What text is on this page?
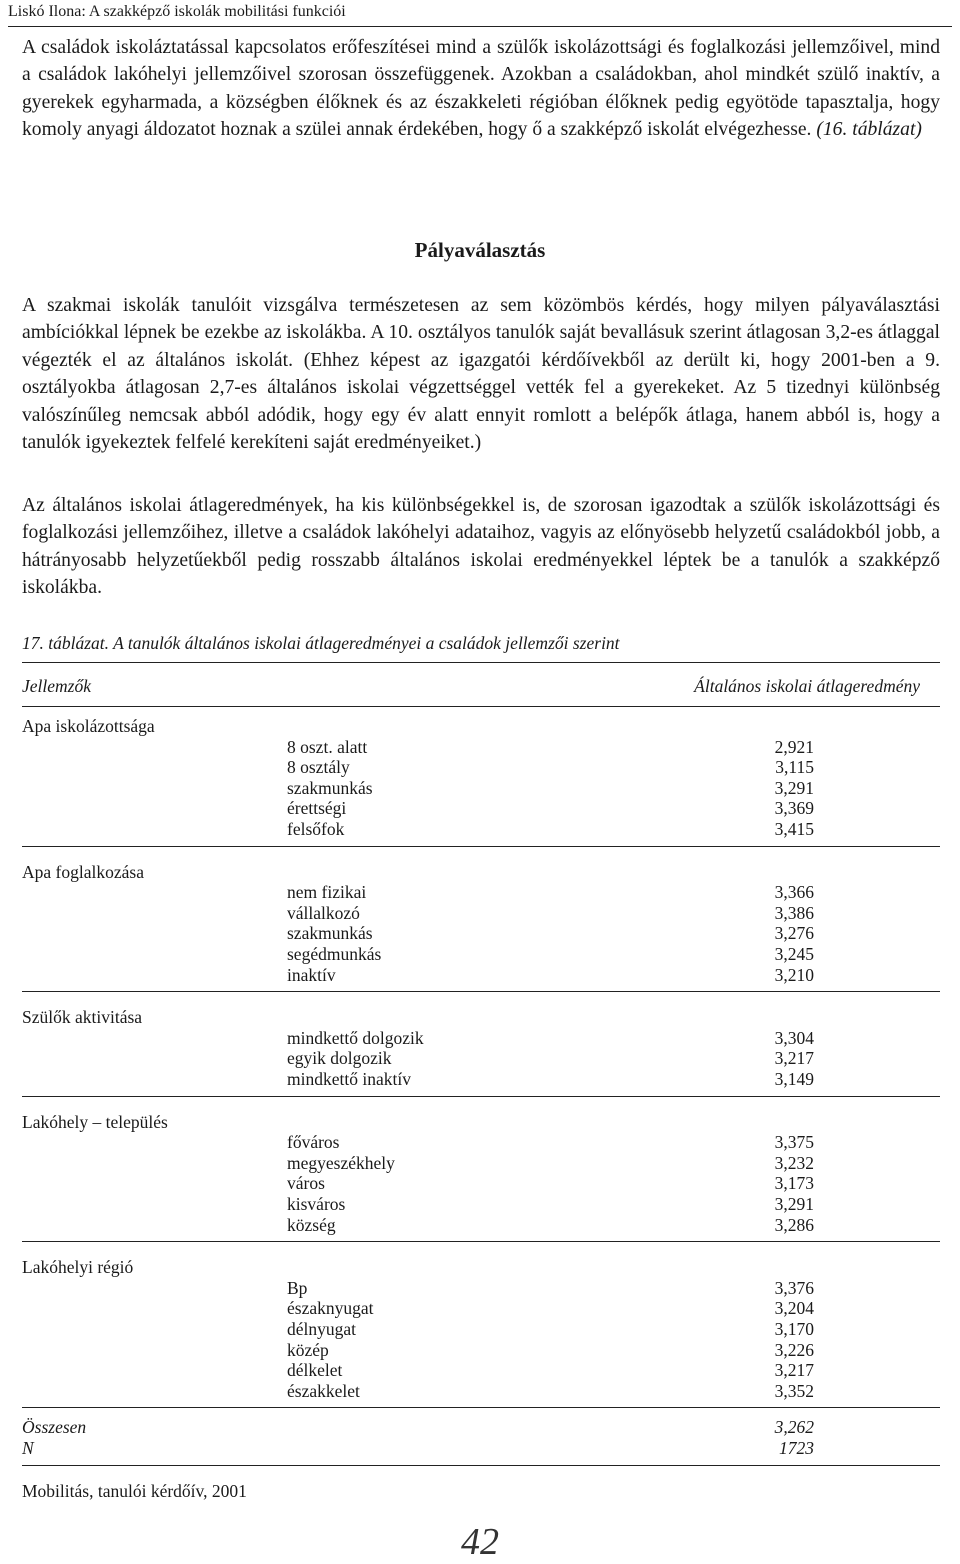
Liskó Ilona: A szakképző iskolák mobilitási funkciói

A családok iskoláztatással kapcsolatos erőfeszítései mind a szülők iskolázottsági és foglalkozási jellemzőivel, mind a családok lakóhelyi jellemzőivel szorosan összefüggenek. Azokban a családokban, ahol mindkét szülő inaktív, a gyerekek egyharmada, a községben élőknek és az északkeleti régióban élőknek pedig egyötöde tapasztalja, hogy komoly anyagi áldozatot hoznak a szülei annak érdekében, hogy ő a szakképző iskolát elvégezhesse. (16. táblázat)

Pályaválasztás

A szakmai iskolák tanulóit vizsgálva természetesen az sem közömbös kérdés, hogy milyen pályaválasztási ambíciókkal lépnek be ezekbe az iskolákba. A 10. osztályos tanulók saját bevallásuk szerint átlagosan 3,2-es átlaggal végezték el az általános iskolát. (Ehhez képest az igazgatói kérdőívekből az derült ki, hogy 2001-ben a 9. osztályokba átlagosan 2,7-es általános iskolai végzettséggel vették fel a gyerekeket. Az 5 tizednyi különbség valószínűleg nemcsak abból adódik, hogy egy év alatt ennyit romlott a belépők átlaga, hanem abból is, hogy a tanulók igyekeztek felfelé kerekíteni saját eredményeiket.)

Az általános iskolai átlageredmények, ha kis különbségekkel is, de szorosan igazodtak a szülők iskolázottsági és foglalkozási jellemzőihez, illetve a családok lakóhelyi adataihoz, vagyis az előnyösebb helyzetű családokból jobb, a hátrányosabb helyzetűekből pedig rosszabb általános iskolai eredményekkel léptek be a tanulók a szakképző iskolákba.

17. táblázat. A tanulók általános iskolai átlageredményei a családok jellemzői szerint
Jellemzők	Általános iskolai átlageredmény
Apa iskolázottsága
8 oszt. alatt	2,921
8 osztály	3,115
szakmunkás	3,291
érettségi	3,369
felsőfok	3,415
Apa foglalkozása
nem fizikai	3,366
vállalkozó	3,386
szakmunkás	3,276
segédmunkás	3,245
inaktív	3,210
Szülők aktivitása
mindkettő dolgozik	3,304
egyik dolgozik	3,217
mindkettő inaktív	3,149
Lakóhely – település
főváros	3,375
megyeszékhely	3,232
város	3,173
kisváros	3,291
község	3,286
Lakóhelyi régió
Bp	3,376
északnyugat	3,204
délnyugat	3,170
közép	3,226
délkelet	3,217
északkelet	3,352
Összesen	3,262
N	1723
Mobilitás, tanulói kérdőív, 2001
42
